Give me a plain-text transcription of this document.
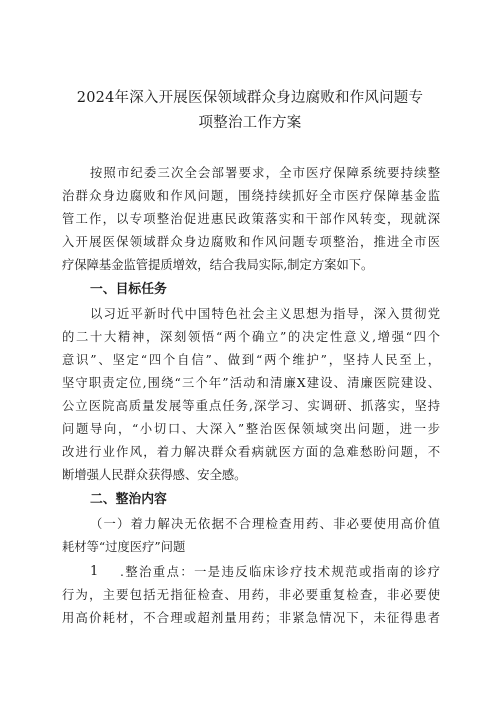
2024年深入开展医保领域群众身边腐败和作风问题专
项整治工作方案
按照市纪委三次全会部署要求，全市医疗保障系统要持续整
治群众身边腐败和作风问题，围绕持续抓好全市医疗保障基金监
管工作，以专项整治促进惠民政策落实和干部作风转变，现就深
入开展医保领域群众身边腐败和作风问题专项整治，推进全市医
疗保障基金监管提质增效，结合我局实际,制定方案如下。
一、目标任务
以习近平新时代中国特色社会主义思想为指导，深入贯彻党
的二十大精神，深刻领悟“两个确立”的决定性意义,增强“四个
意识”、坚定“四个自信”、做到“两个维护”，坚持人民至上，
坚守职责定位,围绕“三个年”活动和清廉X建设、清廉医院建设、
公立医院高质量发展等重点任务,深学习、实调研、抓落实，坚持
问题导向，“小切口、大深入”整治医保领域突出问题，进一步
改进行业作风，着力解决群众看病就医方面的急难愁盼问题，不
断增强人民群众获得感、安全感。
二、整治内容
（一）着力解决无依据不合理检查用药、非必要使用高价值
耗材等“过度医疗”问题
1 .整治重点：一是违反临床诊疗技术规范或指南的诊疗
行为，主要包括无指征检查、用药，非必要重复检查，非必要使
用高价耗材，不合理或超剂量用药；非紧急情况下，未征得患者
